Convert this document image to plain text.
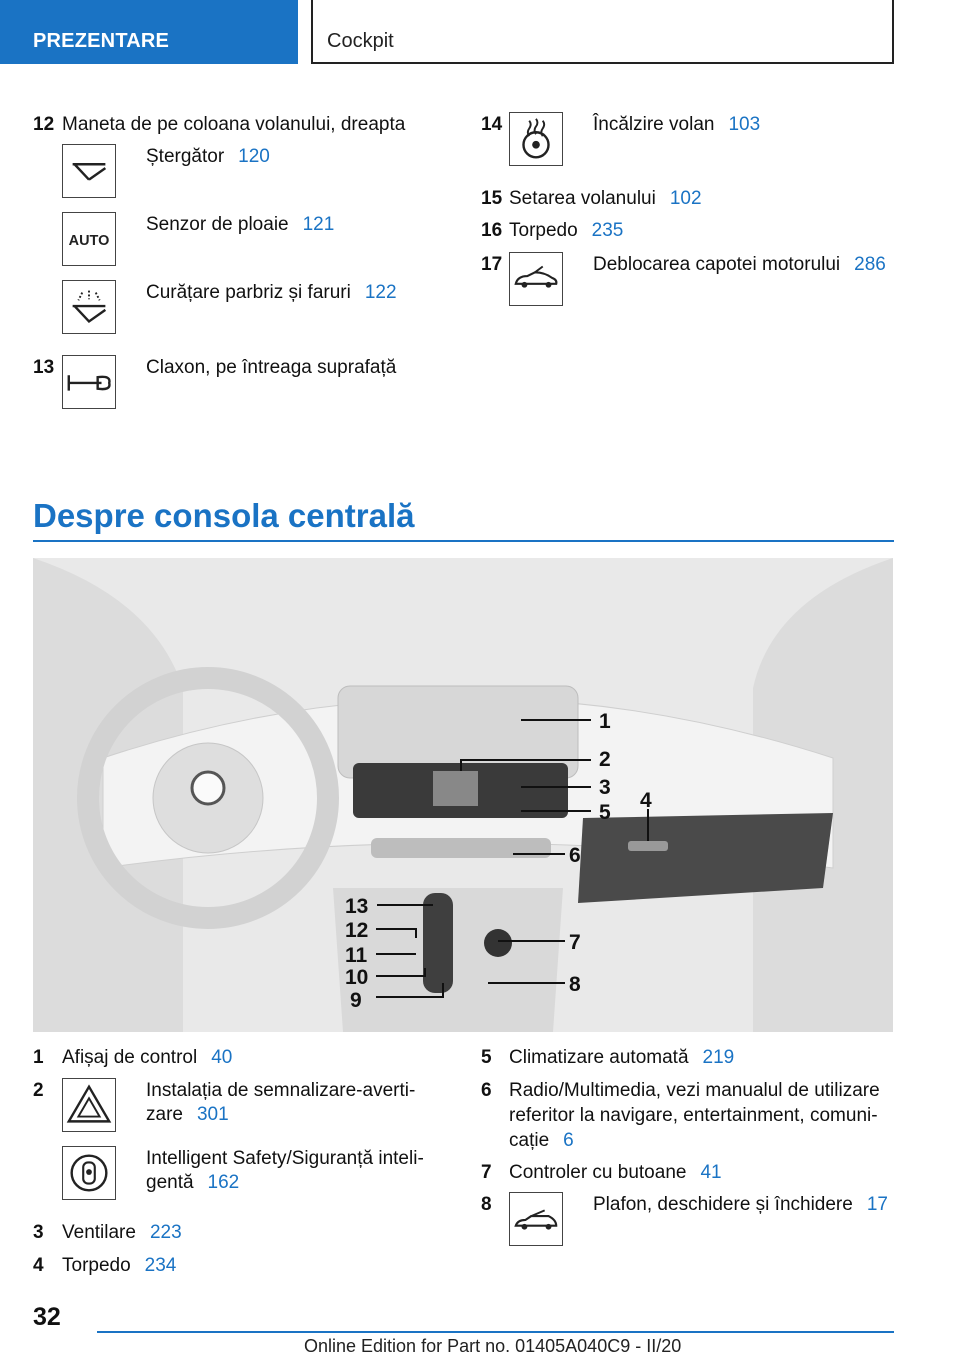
PREZENTARE	Cockpit
12 Maneta de pe coloana volanului, dreapta
Ștergător 120
AUTO
Senzor de ploaie 121
Curățare parbriz și faruri 122
13	Claxon, pe întreaga suprafață
14	Încălzire volan 103
15 Setarea volanului 102
16 Torpedo 235
17	Deblocarea capotei motorului 286
Despre consola centrală
1
2
3
4
5
6
7
8
9
10
11
12
13
1 Afișaj de control 40
2	Instalația de semnalizare-averti-
zare 301
Intelligent Safety/Siguranță inteli-
gentă 162
3 Ventilare 223
4 Torpedo 234
5 Climatizare automată 219
6 Radio/Multimedia, vezi manualul de utilizare
referitor la navigare, entertainment, comuni-
cație 6
7 Controler cu butoane 41
8	Plafon, deschidere și închidere 17
32
Online Edition for Part no. 01405A040C9 - II/20
